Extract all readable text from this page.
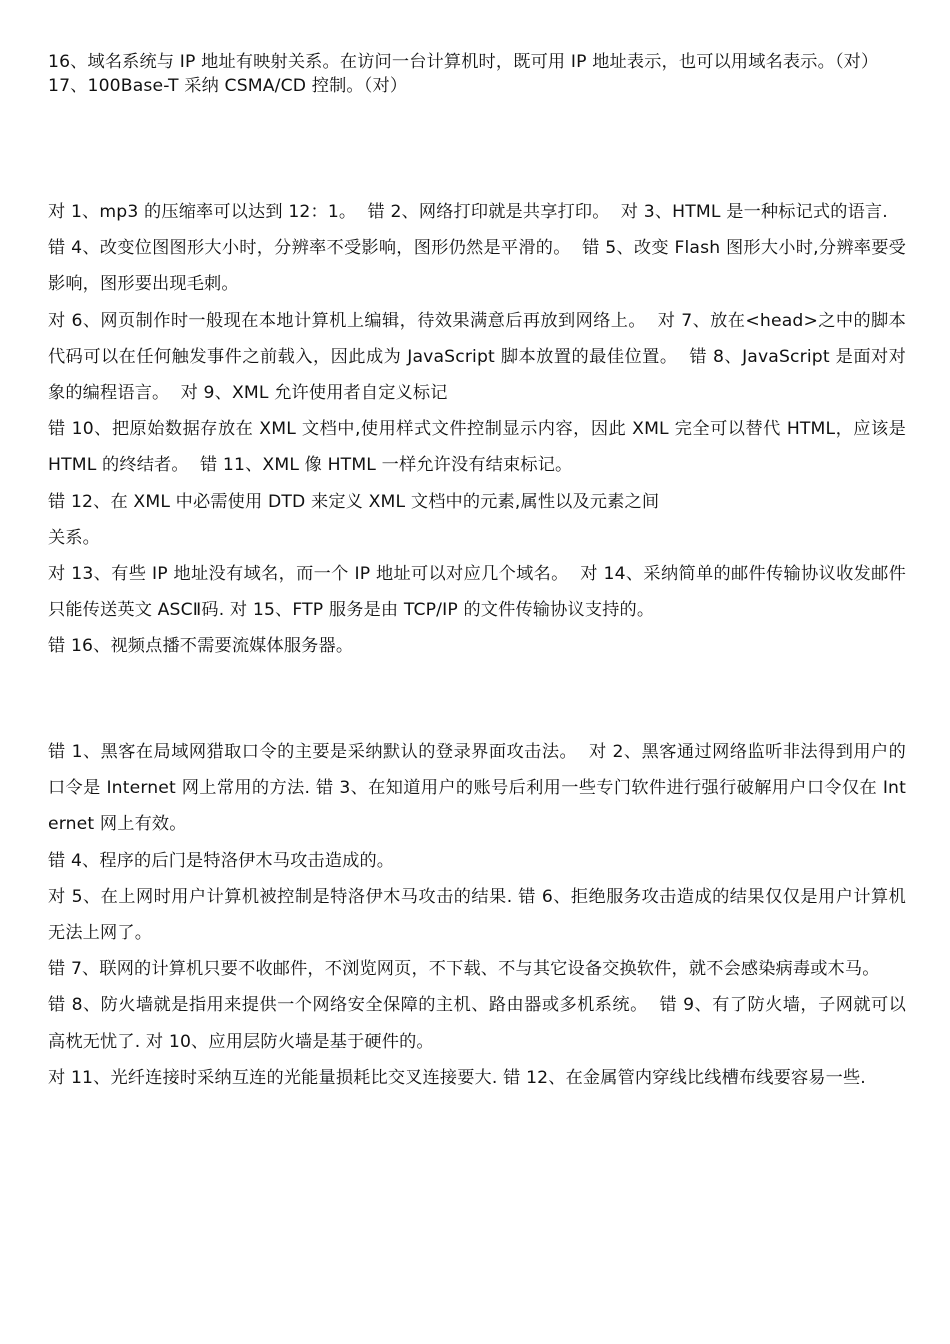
16、域名系统与 IP 地址有映射关系。在访问一台计算机时，既可用 IP 地址表示，也可以用域名表示。（对）

17、100Base-T 采纳 CSMA/CD 控制。（对）

对 1、mp3 的压缩率可以达到 12：1。  错 2、网络打印就是共享打印。  对 3、HTML 是一种标记式的语言.

错 4、改变位图图形大小时，分辨率不受影响，图形仍然是平滑的。  错 5、改变 Flash 图形大小时,分辨率要受影响，图形要出现毛刺。

对 6、网页制作时一般现在本地计算机上编辑，待效果满意后再放到网络上。  对 7、放在<head>之中的脚本代码可以在任何触发事件之前载入，因此成为 JavaScript 脚本放置的最佳位置。  错 8、JavaScript 是面对对象的编程语言。  对 9、XML 允许使用者自定义标记

错 10、把原始数据存放在 XML 文档中,使用样式文件控制显示内容，因此 XML 完全可以替代 HTML，应该是 HTML 的终结者。  错 11、XML 像 HTML 一样允许没有结束标记。

错 12、在 XML 中必需使用 DTD 来定义 XML 文档中的元素,属性以及元素之间
关系。

对 13、有些 IP 地址没有域名，而一个 IP 地址可以对应几个域名。  对 14、采纳简单的邮件传输协议收发邮件只能传送英文 ASCⅡ码. 对 15、FTP 服务是由 TCP/IP 的文件传输协议支持的。

错 16、视频点播不需要流媒体服务器。

错 1、黑客在局域网猎取口令的主要是采纳默认的登录界面攻击法。  对 2、黑客通过网络监听非法得到用户的口令是 Internet 网上常用的方法. 错 3、在知道用户的账号后利用一些专门软件进行强行破解用户口令仅在 Internet 网上有效。

错 4、程序的后门是特洛伊木马攻击造成的。

对 5、在上网时用户计算机被控制是特洛伊木马攻击的结果. 错 6、拒绝服务攻击造成的结果仅仅是用户计算机无法上网了。

错 7、联网的计算机只要不收邮件，不浏览网页，不下载、不与其它设备交换软件，就不会感染病毒或木马。

错 8、防火墙就是指用来提供一个网络安全保障的主机、路由器或多机系统。  错 9、有了防火墙，子网就可以高枕无忧了. 对 10、应用层防火墙是基于硬件的。

对 11、光纤连接时采纳互连的光能量损耗比交叉连接要大. 错 12、在金属管内穿线比线槽布线要容易一些.
